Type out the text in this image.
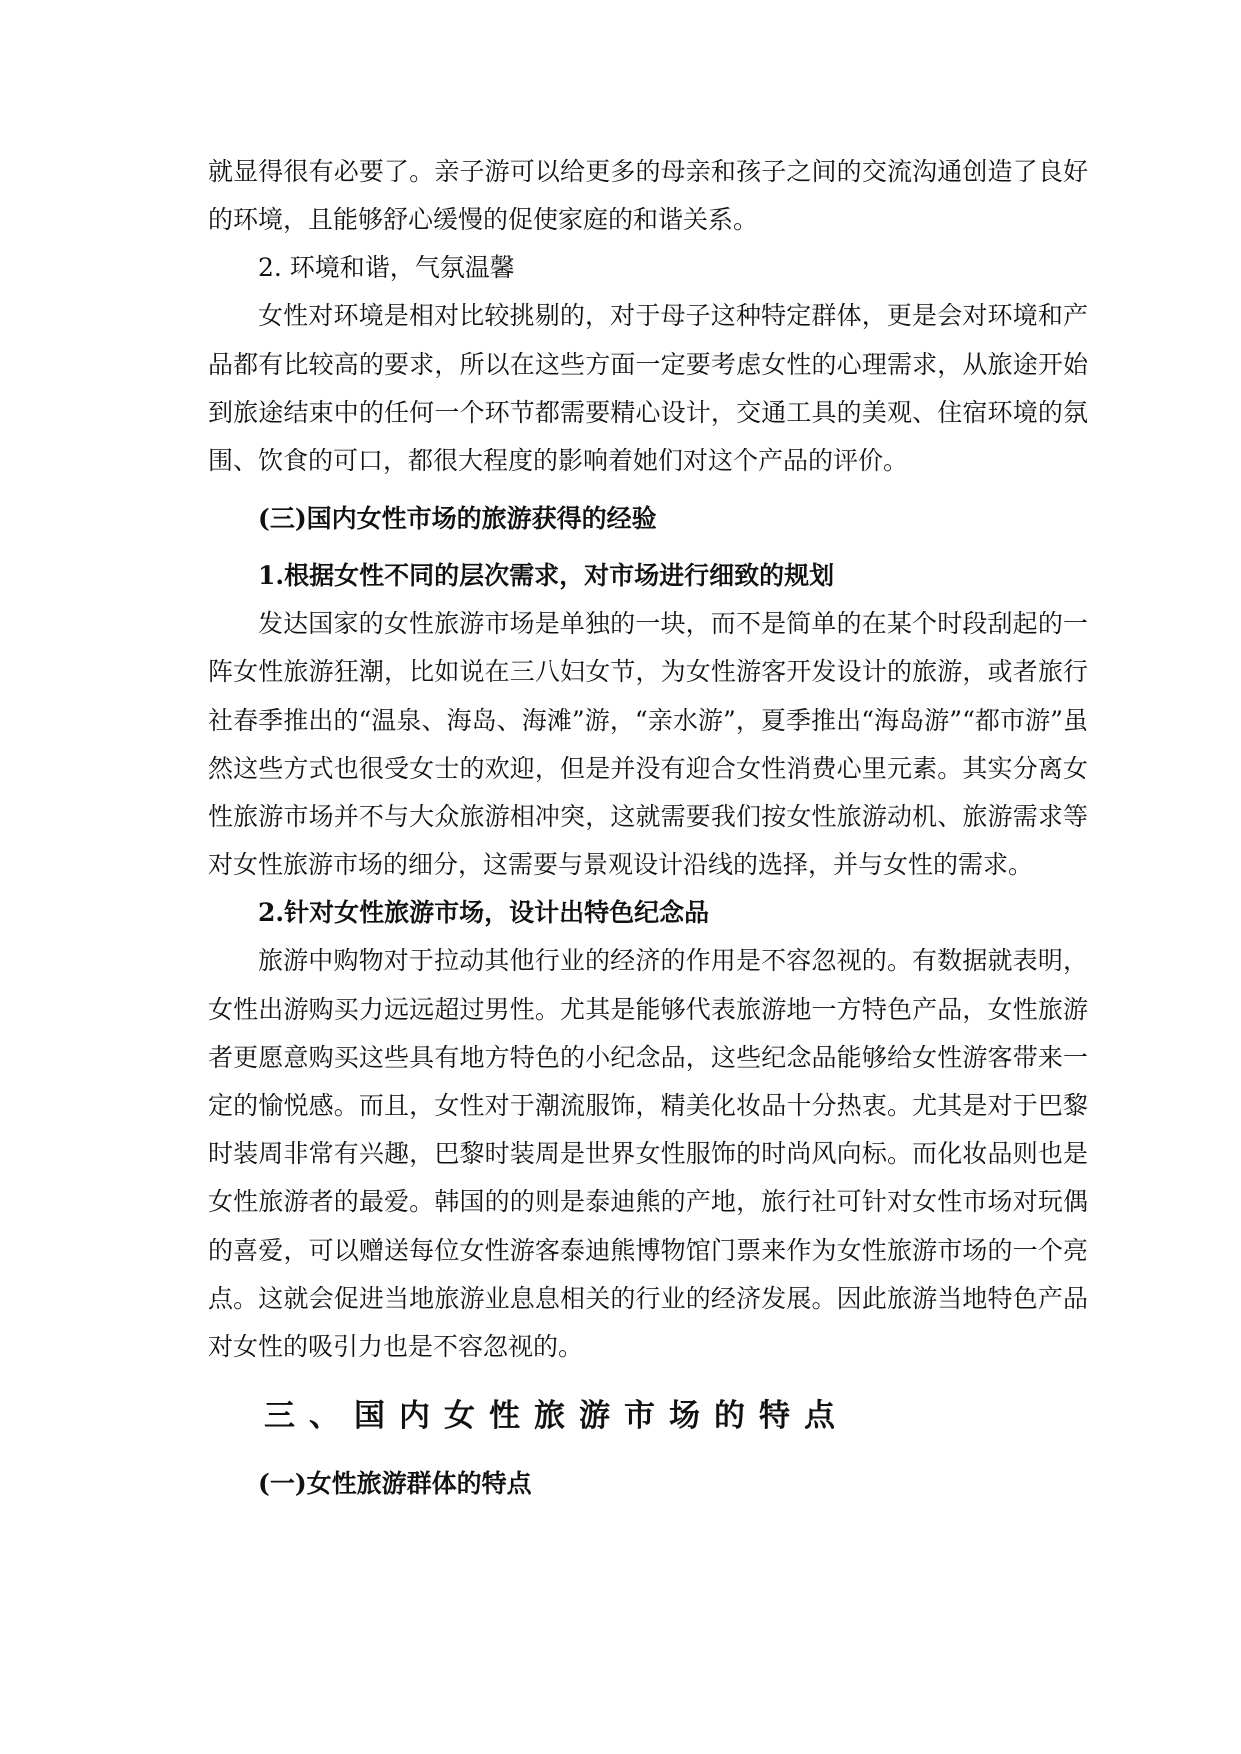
就显得很有必要了。亲子游可以给更多的母亲和孩子之间的交流沟通创造了良好的环境，且能够舒心缓慢的促使家庭的和谐关系。

2. 环境和谐，气氛温馨

女性对环境是相对比较挑剔的，对于母子这种特定群体，更是会对环境和产品都有比较高的要求，所以在这些方面一定要考虑女性的心理需求，从旅途开始到旅途结束中的任何一个环节都需要精心设计，交通工具的美观、住宿环境的氛围、饮食的可口，都很大程度的影响着她们对这个产品的评价。

(三)国内女性市场的旅游获得的经验

1.根据女性不同的层次需求，对市场进行细致的规划

发达国家的女性旅游市场是单独的一块，而不是简单的在某个时段刮起的一阵女性旅游狂潮，比如说在三八妇女节，为女性游客开发设计的旅游，或者旅行社春季推出的“温泉、海岛、海滩”游，“亲水游”，夏季推出“海岛游”“都市游”虽然这些方式也很受女士的欢迎，但是并没有迎合女性消费心里元素。其实分离女性旅游市场并不与大众旅游相冲突，这就需要我们按女性旅游动机、旅游需求等对女性旅游市场的细分，这需要与景观设计沿线的选择，并与女性的需求。

2.针对女性旅游市场，设计出特色纪念品

旅游中购物对于拉动其他行业的经济的作用是不容忽视的。有数据就表明，女性出游购买力远远超过男性。尤其是能够代表旅游地一方特色产品，女性旅游者更愿意购买这些具有地方特色的小纪念品，这些纪念品能够给女性游客带来一定的愉悦感。而且，女性对于潮流服饰，精美化妆品十分热衷。尤其是对于巴黎时装周非常有兴趣，巴黎时装周是世界女性服饰的时尚风向标。而化妆品则也是女性旅游者的最爱。韩国的的则是泰迪熊的产地，旅行社可针对女性市场对玩偶的喜爱，可以赠送每位女性游客泰迪熊博物馆门票来作为女性旅游市场的一个亮点。这就会促进当地旅游业息息相关的行业的经济发展。因此旅游当地特色产品对女性的吸引力也是不容忽视的。

三、国内女性旅游市场的特点

(一)女性旅游群体的特点
